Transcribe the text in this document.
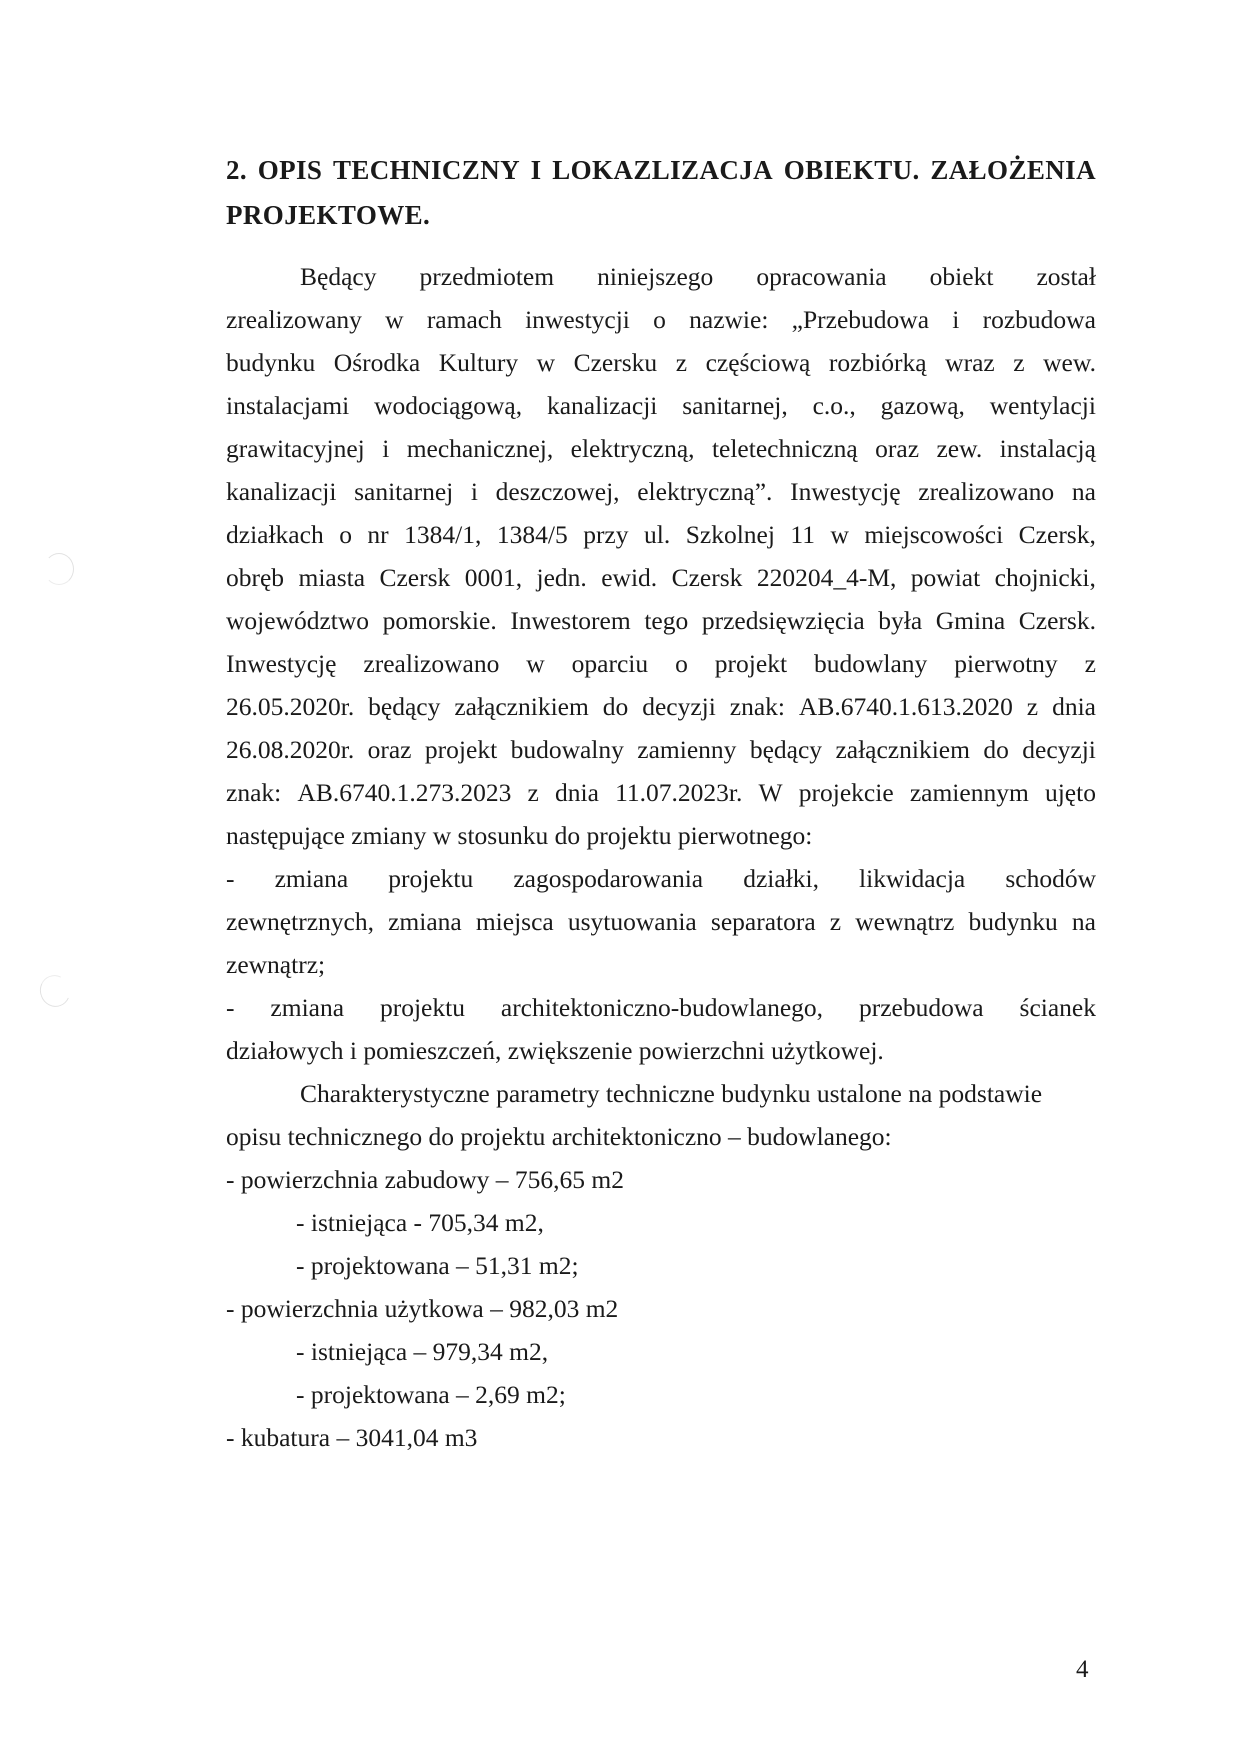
2. OPIS TECHNICZNY I LOKAZLIZACJA OBIEKTU. ZAŁOŻENIA
PROJEKTOWE.
Będący przedmiotem niniejszego opracowania obiekt został
zrealizowany w ramach inwestycji o nazwie: „Przebudowa i rozbudowa
budynku Ośrodka Kultury w Czersku z częściową rozbiórką wraz z wew.
instalacjami wodociągową, kanalizacji sanitarnej, c.o., gazową, wentylacji
grawitacyjnej i mechanicznej, elektryczną, teletechniczną oraz zew. instalacją
kanalizacji sanitarnej i deszczowej, elektryczną”. Inwestycję zrealizowano na
działkach o nr 1384/1, 1384/5 przy ul. Szkolnej 11 w miejscowości Czersk,
obręb miasta Czersk 0001, jedn. ewid. Czersk 220204_4-M, powiat chojnicki,
województwo pomorskie. Inwestorem tego przedsięwzięcia była Gmina Czersk.
Inwestycję zrealizowano w oparciu o projekt budowlany pierwotny z
26.05.2020r. będący załącznikiem do decyzji znak: AB.6740.1.613.2020 z dnia
26.08.2020r. oraz projekt budowalny zamienny będący załącznikiem do decyzji
znak: AB.6740.1.273.2023 z dnia 11.07.2023r. W projekcie zamiennym ujęto
następujące zmiany w stosunku do projektu pierwotnego:
- zmiana projektu zagospodarowania działki, likwidacja schodów
zewnętrznych, zmiana miejsca usytuowania separatora z wewnątrz budynku na
zewnątrz;
- zmiana projektu architektoniczno-budowlanego, przebudowa ścianek
działowych i pomieszczeń, zwiększenie powierzchni użytkowej.
Charakterystyczne parametry techniczne budynku ustalone na podstawie
opisu technicznego do projektu architektoniczno – budowlanego:
- powierzchnia zabudowy – 756,65 m2
- istniejąca - 705,34 m2,
- projektowana – 51,31 m2;
- powierzchnia użytkowa – 982,03 m2
- istniejąca – 979,34 m2,
- projektowana – 2,69 m2;
- kubatura – 3041,04 m3
4
